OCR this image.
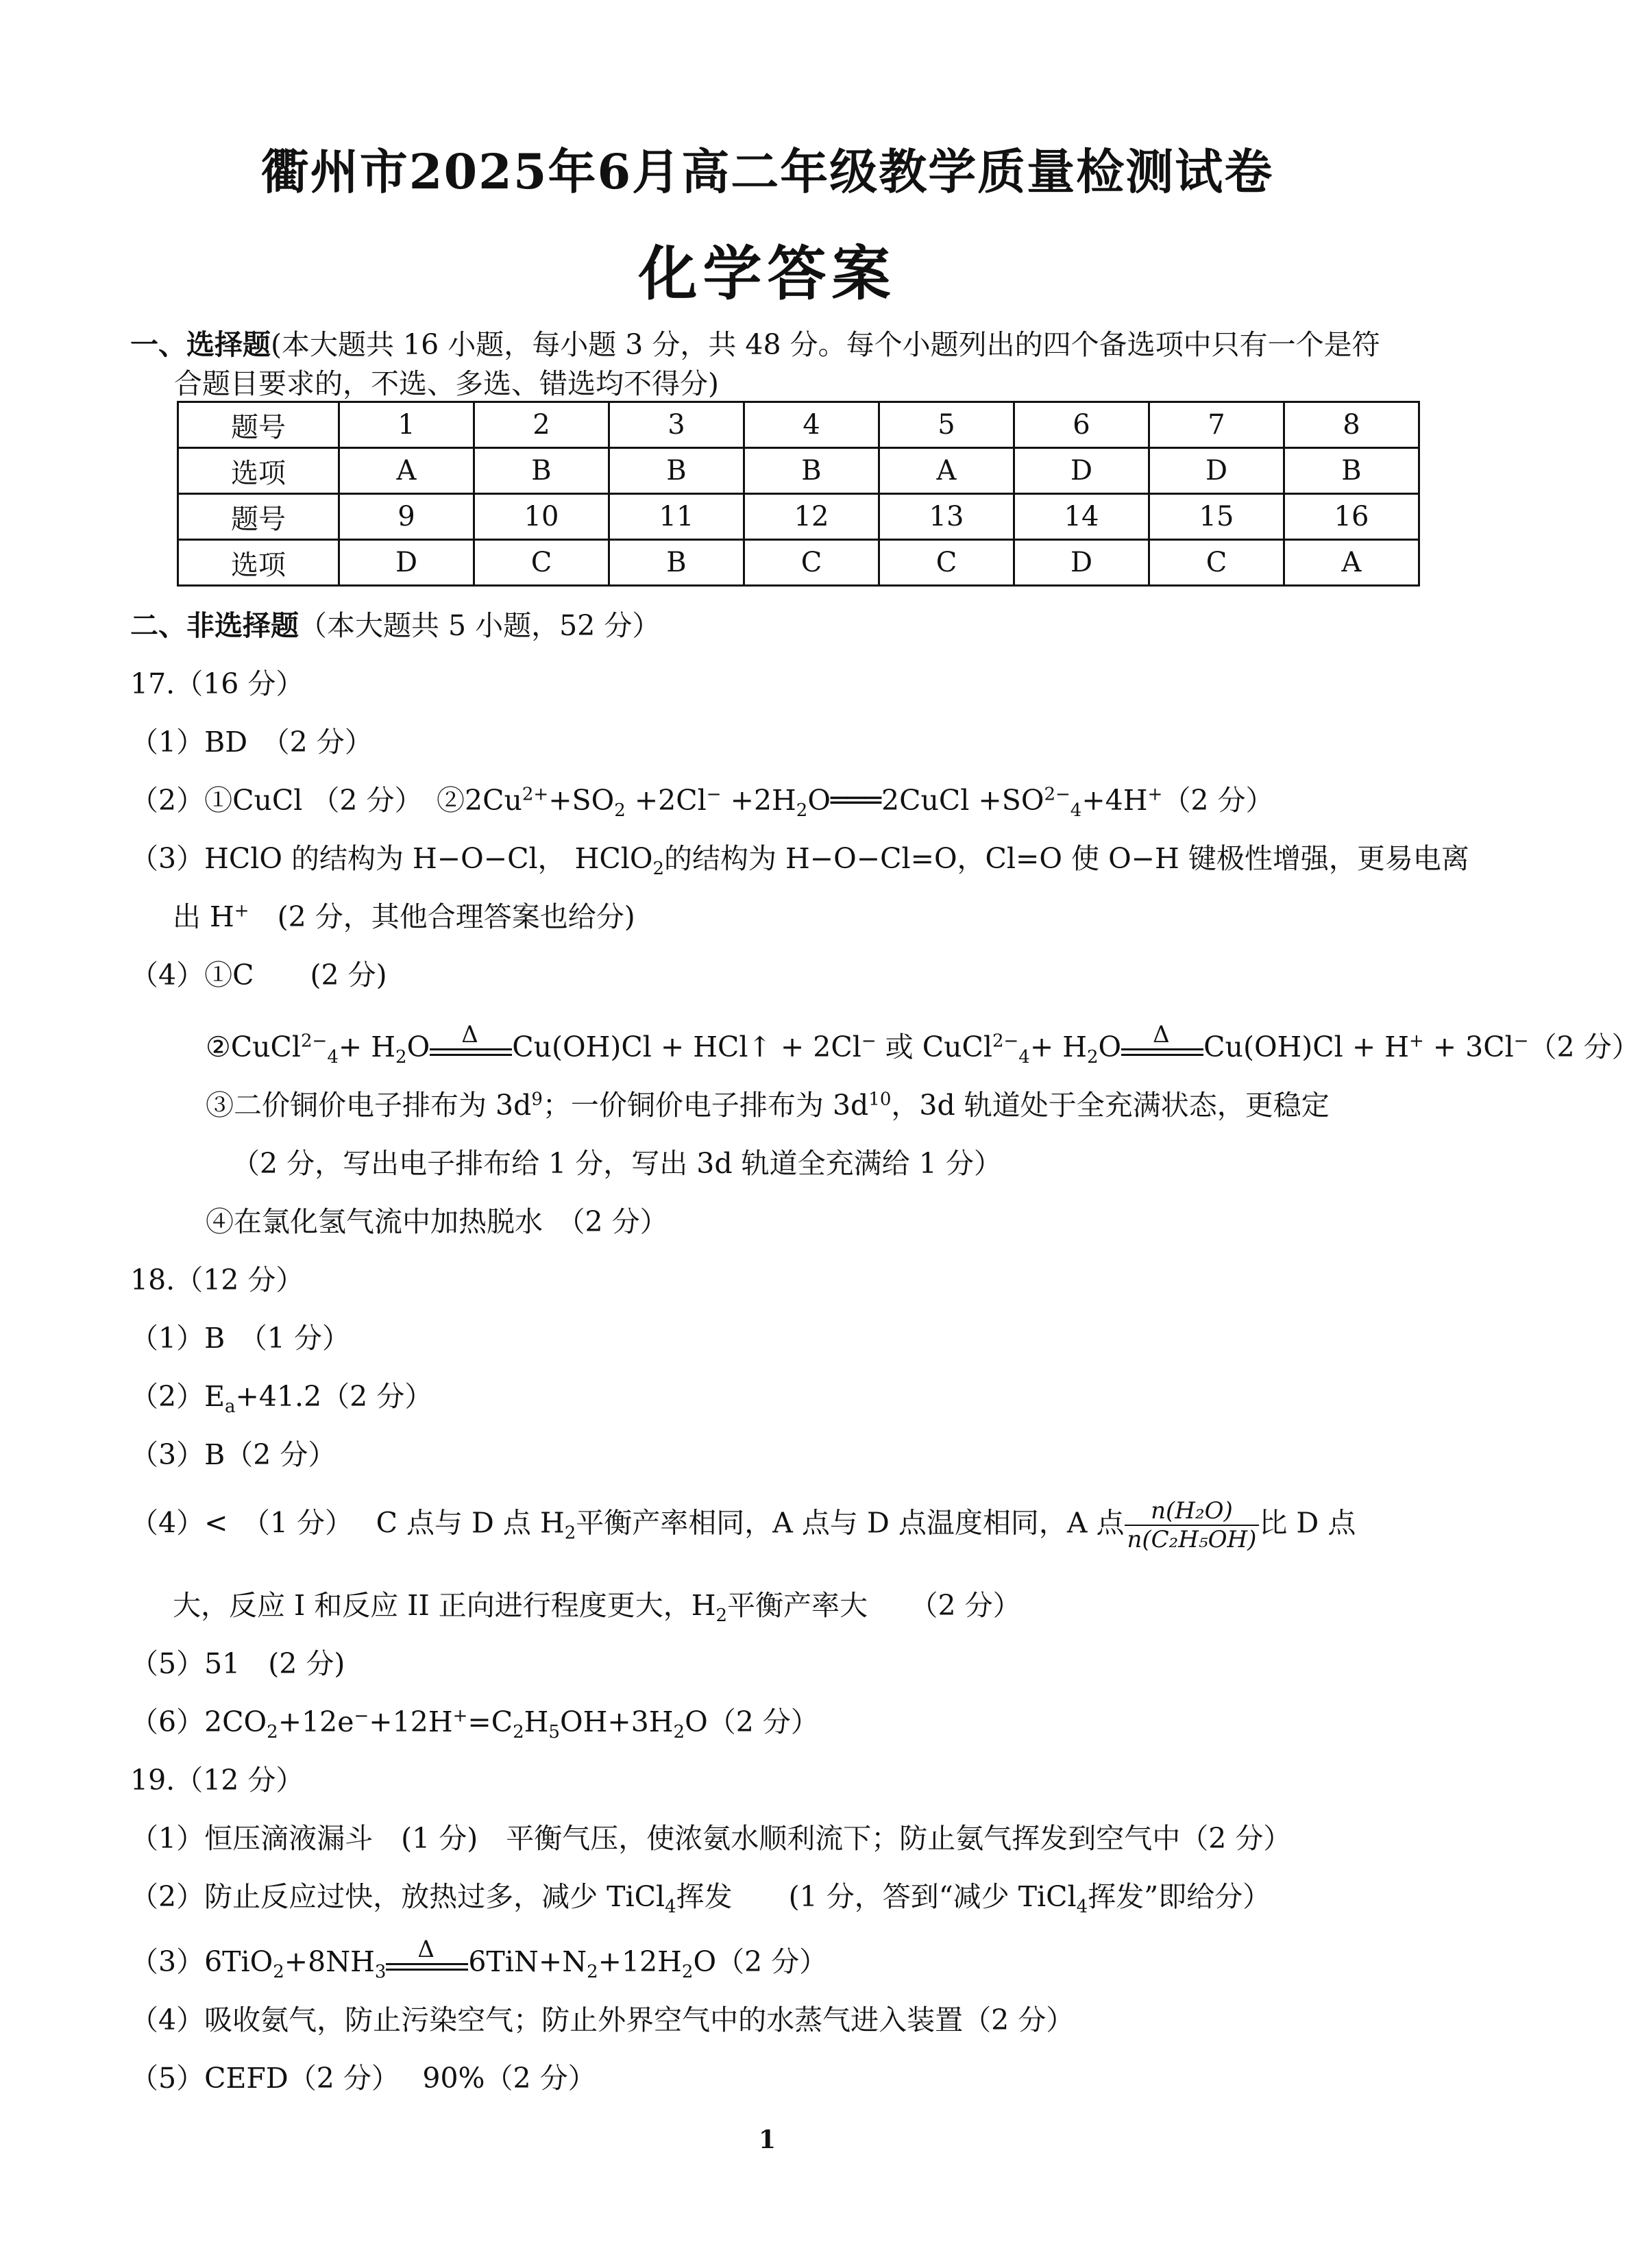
衢州市2025年6月高二年级教学质量检测试卷
化学答案
一、选择题(本大题共 16 小题，每小题 3 分，共 48 分。每个小题列出的四个备选项中只有一个是符
合题目要求的，不选、多选、错选均不得分)
题号	1	2	3	4	5	6	7	8
选项	A	B	B	B	A	D	D	B
题号	9	10	11	12	13	14	15	16
选项	D	C	B	C	C	D	C	A
二、非选择题（本大题共 5 小题，52 分）
17.（16 分）
（1）BD　（2 分）
（2）①CuCl （2 分）　$②2Cu^{2+}+SO_2 +2Cl^-$ $+2H_2O═══2CuCl +SO^{2-}_4+4H^+(2$ 分）
（3）HClO 的结构为 H−O−Cl， HClO$_2$的结构为 H−O−Cl=O，Cl=O 使 O−H 键极性增强，更易电离
出 H+　(2 分，其他合理答案也给分)
（4）①C　　(2 分)
②CuCl$^{2-}_4$+ $H_2O$ Δ Cu(OH)Cl + HCl↑ + 2Cl− 或 CuCl$^{2-}_4$+ $H_2O$ Δ Cu(OH)Cl + H+ + 3Cl−（2 分）
③二价铜价电子排布为 $3d^9$；一价铜价电子排布为 $3d^{10}$，3d 轨道处于全充满状态，更稳定
（2 分，写出电子排布给 1 分，写出 3d 轨道全充满给 1 分）
④在氯化氢气流中加热脱水　（2 分）
18.（12 分）
（1）B　（1 分）
$(2)E_a+41.2(2$ 分）
（3）B（2 分）
（4）<　（1 分）　 C 点与 D 点 $H_2$平衡产率相同，A 点与 D 点温度相同，A 点 $\frac{\text{n(H₂O)}}{\text{n(C₂H₅OH)}}$ 比 D 点
大，反应 I 和反应 II 正向进行程度更大，$H_2$平衡产率大　　（2 分）
（5）51　(2 分)
$(6)2CO_2+12e^-+12H^+=C_2H_5OH+3H_2O(2$ 分）
19.（12 分）
（1）恒压滴液漏斗　(1 分)　平衡气压，使浓氨水顺利流下；防止氨气挥发到空气中（2 分）
（2）防止反应过快，放热过多，减少 TiCl$_4$挥发　　(1 分，答到“减少 TiCl$_4$挥发”即给分）
$(3)6TiO_2+8NH_3$
Δ $6TiN+N_2+12H_2O(2$ 分）
（4）吸收氨气，防止污染空气；防止外界空气中的水蒸气进入装置（2 分）
（5）CEFD（2 分）　 90%（2 分）
1
